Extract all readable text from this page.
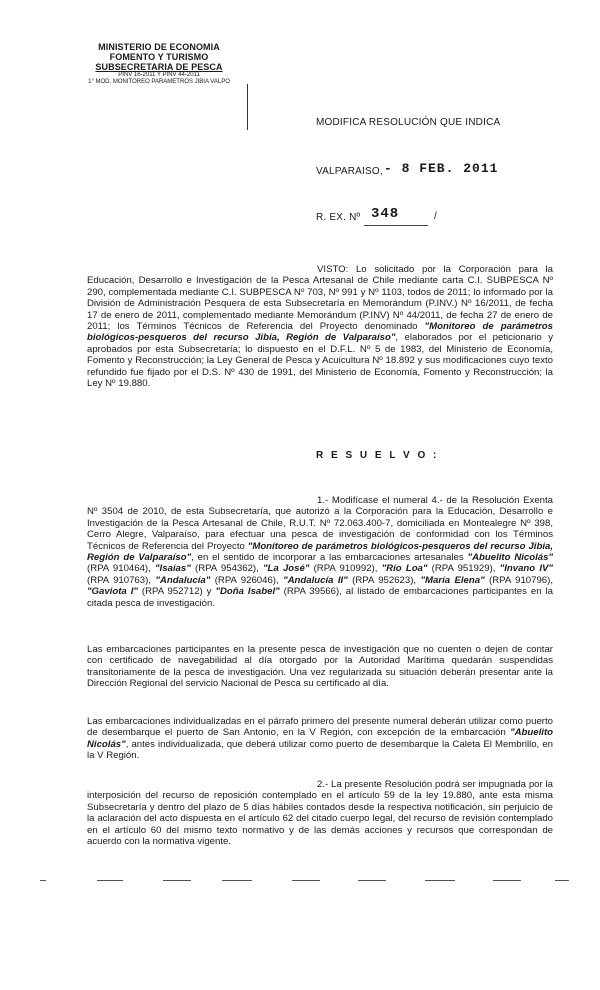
MINISTERIO DE ECONOMIA
FOMENTO Y TURISMO
SUBSECRETARIA DE PESCA
PINV 16-2011 Y PINV 44-2011
1° MOD. MONITOREO PARAMETROS JIBIA VALPO
MODIFICA RESOLUCIÓN QUE INDICA
VALPARAISO, - 8 FEB. 2011
R. EX. Nº 348	/

VISTO: Lo solicitado por la Corporación para la Educación, Desarrollo e Investigación de la Pesca Artesanal de Chile mediante carta C.I. SUBPESCA Nº 290, complementada mediante C.I. SUBPESCA Nº 703, Nº 991 y Nº 1103, todos de 2011; lo informado por la División de Administración Pesquera de esta Subsecretaría en Memorándum (P.INV.) Nº 16/2011, de fecha 17 de enero de 2011, complementado mediante Memorándum (P.INV) Nº 44/2011, de fecha 27 de enero de 2011; los Términos Técnicos de Referencia del Proyecto denominado "Monitoreo de parámetros biológicos-pesqueros del recurso Jibia, Región de Valparaíso", elaborados por el peticionario y aprobados por esta Subsecretaría; lo dispuesto en el D.F.L. Nº 5 de 1983, del Ministerio de Economía, Fomento y Reconstrucción; la Ley General de Pesca y Acuicultura Nº 18.892 y sus modificaciones cuyo texto refundido fue fijado por el D.S. Nº 430 de 1991, del Ministerio de Economía, Fomento y Reconstrucción; la Ley Nº 19.880.

R E S U E L V O :

1.- Modifícase el numeral 4.- de la Resolución Exenta Nº 3504 de 2010, de esta Subsecretaría, que autorizó a la Corporación para la Educación, Desarrollo e Investigación de la Pesca Artesanal de Chile, R.U.T. Nº 72.063.400-7, domiciliada en Montealegre Nº 398, Cerro Alegre, Valparaíso, para efectuar una pesca de investigación de conformidad con los Términos Técnicos de Referencia del Proyecto "Monitoreo de parámetros biológicos-pesqueros del recurso Jibia, Región de Valparaíso", en el sentido de incorporar a las embarcaciones artesanales "Abuelito Nicolás" (RPA 910464), "Isaías" (RPA 954362), "La José" (RPA 910992), "Río Loa" (RPA 951929), "Invano IV" (RPA 910763), "Andalucía" (RPA 926046), "Andalucía II" (RPA 952623), "María Elena" (RPA 910796), "Gaviota I" (RPA 952712) y "Doña Isabel" (RPA 39566), al listado de embarcaciones participantes en la citada pesca de investigación.

Las embarcaciones participantes en la presente pesca de investigación que no cuenten o dejen de contar con certificado de navegabilidad al día otorgado por la Autoridad Marítima quedarán suspendidas transitoriamente de la pesca de investigación. Una vez regularizada su situación deberán presentar ante la Dirección Regional del servicio Nacional de Pesca su certificado al día.

Las embarcaciones individualizadas en el párrafo primero del presente numeral deberán utilizar como puerto de desembarque el puerto de San Antonio, en la V Región, con excepción de la embarcación "Abuelito Nicolás", antes individualizada, que deberá utilizar como puerto de desembarque la Caleta El Membrillo, en la V Región.

2.- La presente Resolución podrá ser impugnada por la interposición del recurso de reposición contemplado en el artículo 59 de la ley 19.880, ante esta misma Subsecretaría y dentro del plazo de 5 días hábiles contados desde la respectiva notificación, sin perjuicio de la aclaración del acto dispuesta en el artículo 62 del citado cuerpo legal, del recurso de revisión contemplado en el artículo 60 del mismo texto normativo y de las demás acciones y recursos que correspondan de acuerdo con la normativa vigente.
